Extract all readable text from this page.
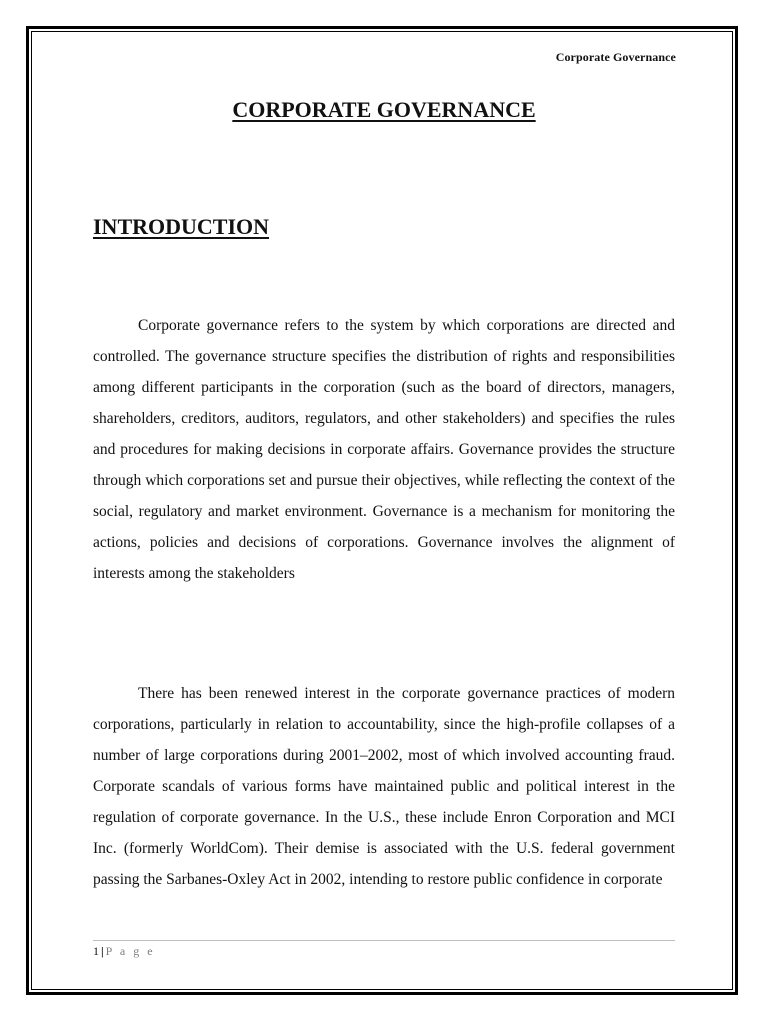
Corporate Governance
CORPORATE GOVERNANCE
INTRODUCTION

Corporate governance refers to the system by which corporations are directed and controlled. The governance structure specifies the distribution of rights and responsibilities among different participants in the corporation (such as the board of directors, managers, shareholders, creditors, auditors, regulators, and other stakeholders) and specifies the rules and procedures for making decisions in corporate affairs. Governance provides the structure through which corporations set and pursue their objectives, while reflecting the context of the social, regulatory and market environment. Governance is a mechanism for monitoring the actions, policies and decisions of corporations. Governance involves the alignment of interests among the stakeholders

There has been renewed interest in the corporate governance practices of modern corporations, particularly in relation to accountability, since the high-profile collapses of a number of large corporations during 2001–2002, most of which involved accounting fraud. Corporate scandals of various forms have maintained public and political interest in the regulation of corporate governance. In the U.S., these include Enron Corporation and MCI Inc. (formerly WorldCom). Their demise is associated with the U.S. federal government passing the Sarbanes-Oxley Act in 2002, intending to restore public confidence in corporate

1 | P a g e
